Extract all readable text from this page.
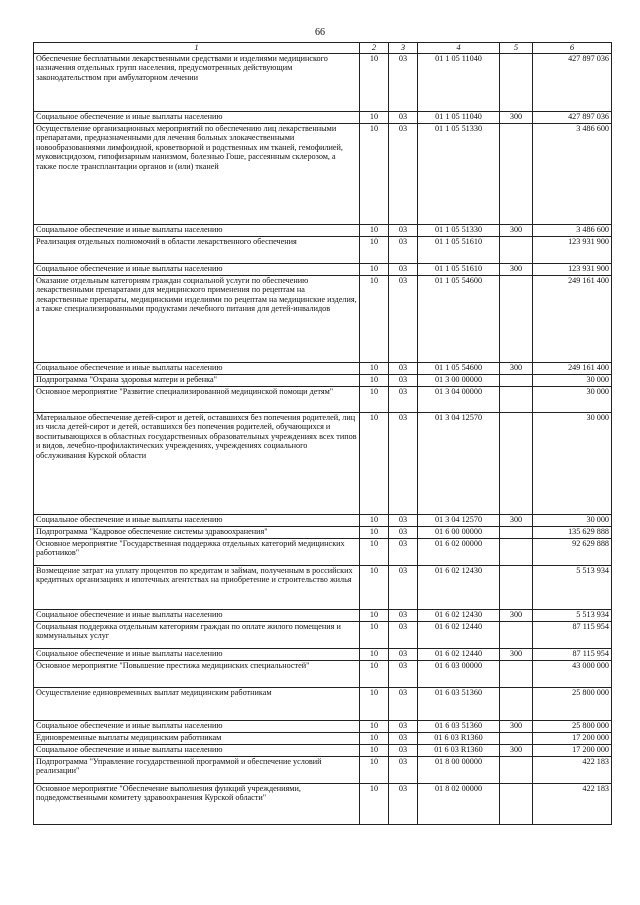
66
1	2	3	4	5	6
Обеспечение бесплатными лекарственными средствами и изделиями медицинского назначения отдельных групп населения, предусмотренных действующим законодательством при амбулаторном лечении	10	03	01 1 05 11040		427 897 036
Социальное обеспечение и иные выплаты населению	10	03	01 1 05 11040	300	427 897 036
Осуществление организационных мероприятий по обеспечению лиц лекарственными препаратами, предназначенными для лечения больных злокачественными новообразованиями лимфоидной, кроветворной и родственных им тканей, гемофилией, муковисцидозом, гипофизарным нанизмом, болезнью Гоше, рассеянным склерозом, а также после трансплантации органов и (или) тканей	10	03	01 1 05 51330		3 486 600
Социальное обеспечение и иные выплаты населению	10	03	01 1 05 51330	300	3 486 600
Реализация отдельных полномочий в области лекарственного обеспечения	10	03	01 1 05 51610		123 931 900
Социальное обеспечение и иные выплаты населению	10	03	01 1 05 51610	300	123 931 900
Оказание отдельным категориям граждан социальной услуги по обеспечению лекарственными препаратами для медицинского применения по рецептам на лекарственные препараты, медицинскими изделиями по рецептам на медицинские изделия, а также специализированными продуктами лечебного питания для детей-инвалидов	10	03	01 1 05 54600		249 161 400
Социальное обеспечение и иные выплаты населению	10	03	01 1 05 54600	300	249 161 400
Подпрограмма "Охрана здоровья матери и ребенка"	10	03	01 3 00 00000		30 000
Основное мероприятие "Развитие специализированной медицинской помощи детям"	10	03	01 3 04 00000		30 000
Материальное обеспечение детей-сирот и детей, оставшихся без попечения родителей, лиц из числа детей-сирот и детей, оставшихся без попечения родителей, обучающихся и воспитывающихся в областных государственных образовательных учреждениях всех типов и видов, лечебно-профилактических учреждениях, учреждениях социального обслуживания Курской области	10	03	01 3 04 12570		30 000
Социальное обеспечение и иные выплаты населению	10	03	01 3 04 12570	300	30 000
Подпрограмма "Кадровое обеспечение системы здравоохранения"	10	03	01 6 00 00000		135 629 888
Основное мероприятие "Государственная поддержка отдельных категорий медицинских работников"	10	03	01 6 02 00000		92 629 888
Возмещение затрат на уплату процентов по кредитам и займам, полученным в российских кредитных организациях и ипотечных агентствах на приобретение и строительство жилья	10	03	01 6 02 12430		5 513 934
Социальное обеспечение и иные выплаты населению	10	03	01 6 02 12430	300	5 513 934
Социальная поддержка отдельным категориям граждан по оплате жилого помещения и коммунальных услуг	10	03	01 6 02 12440		87 115 954
Социальное обеспечение и иные выплаты населению	10	03	01 6 02 12440	300	87 115 954
Основное мероприятие "Повышение престижа медицинских специальностей"	10	03	01 6 03 00000		43 000 000
Осуществление единовременных выплат медицинским работникам	10	03	01 6 03 51360		25 800 000
Социальное обеспечение и иные выплаты населению	10	03	01 6 03 51360	300	25 800 000
Единовременные выплаты медицинским работникам	10	03	01 6 03 R1360		17 200 000
Социальное обеспечение и иные выплаты населению	10	03	01 6 03 R1360	300	17 200 000
Подпрограмма "Управление государственной программой и обеспечение условий реализации"	10	03	01 8 00 00000		422 183
Основное мероприятие "Обеспечение выполнения функций учреждениями, подведомственными комитету здравоохранения Курской области"	10	03	01 8 02 00000		422 183
